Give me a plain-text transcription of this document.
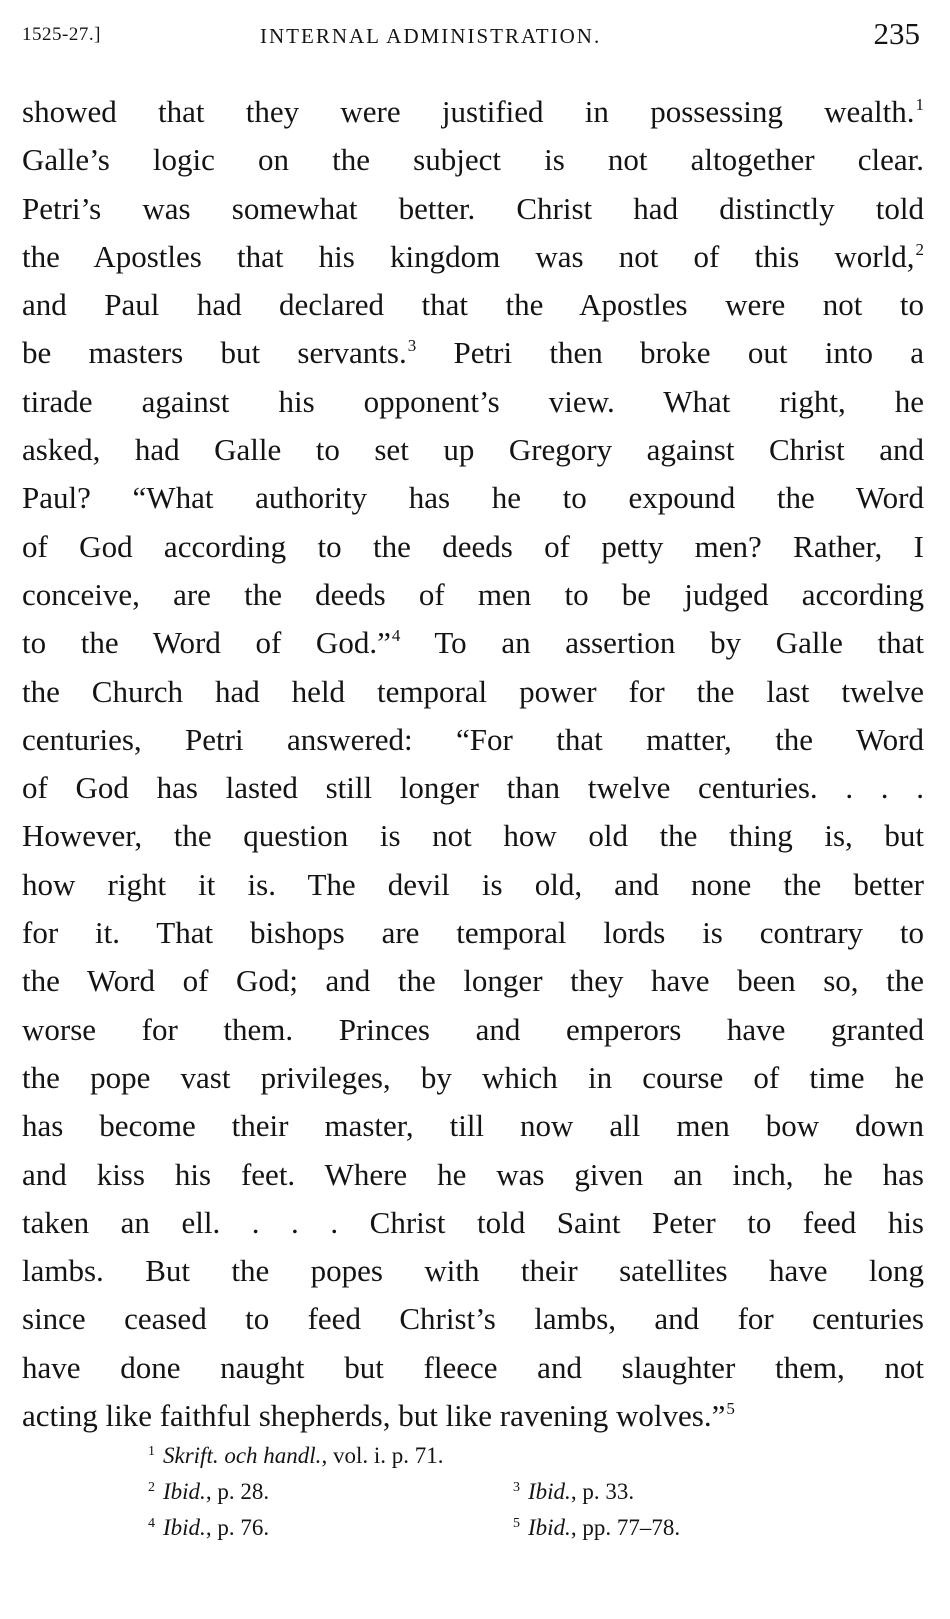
1525-27.]	INTERNAL ADMINISTRATION.	235
showed that they were justified in possessing wealth.$^1$
Galle’s logic on the subject is not altogether clear.
Petri’s was somewhat better. Christ had distinctly told
the Apostles that his kingdom was not of this world,$^2$
and Paul had declared that the Apostles were not to
be masters but servants.$^3$ Petri then broke out into a
tirade against his opponent’s view. What right, he
asked, had Galle to set up Gregory against Christ and
Paul? “What authority has he to expound the Word
of God according to the deeds of petty men? Rather, I
conceive, are the deeds of men to be judged according
to the Word of God.”$^4$ To an assertion by Galle that
the Church had held temporal power for the last twelve
centuries, Petri answered: “For that matter, the Word
of God has lasted still longer than twelve centuries. . . .
However, the question is not how old the thing is, but
how right it is. The devil is old, and none the better
for it. That bishops are temporal lords is contrary to
the Word of God; and the longer they have been so, the
worse for them. Princes and emperors have granted
the pope vast privileges, by which in course of time he
has become their master, till now all men bow down
and kiss his feet. Where he was given an inch, he has
taken an ell. . . . Christ told Saint Peter to feed his
lambs. But the popes with their satellites have long
since ceased to feed Christ’s lambs, and for centuries
have done naught but fleece and slaughter them, not
acting like faithful shepherds, but like ravening wolves.”$^5$
$^1$ Skrift. och handl., vol. i. p. 71.
$^2$ Ibid., p. 28.	$^3$ Ibid., p. 33.
$^4$ Ibid., p. 76.	$^5$ Ibid., pp. 77–78.
